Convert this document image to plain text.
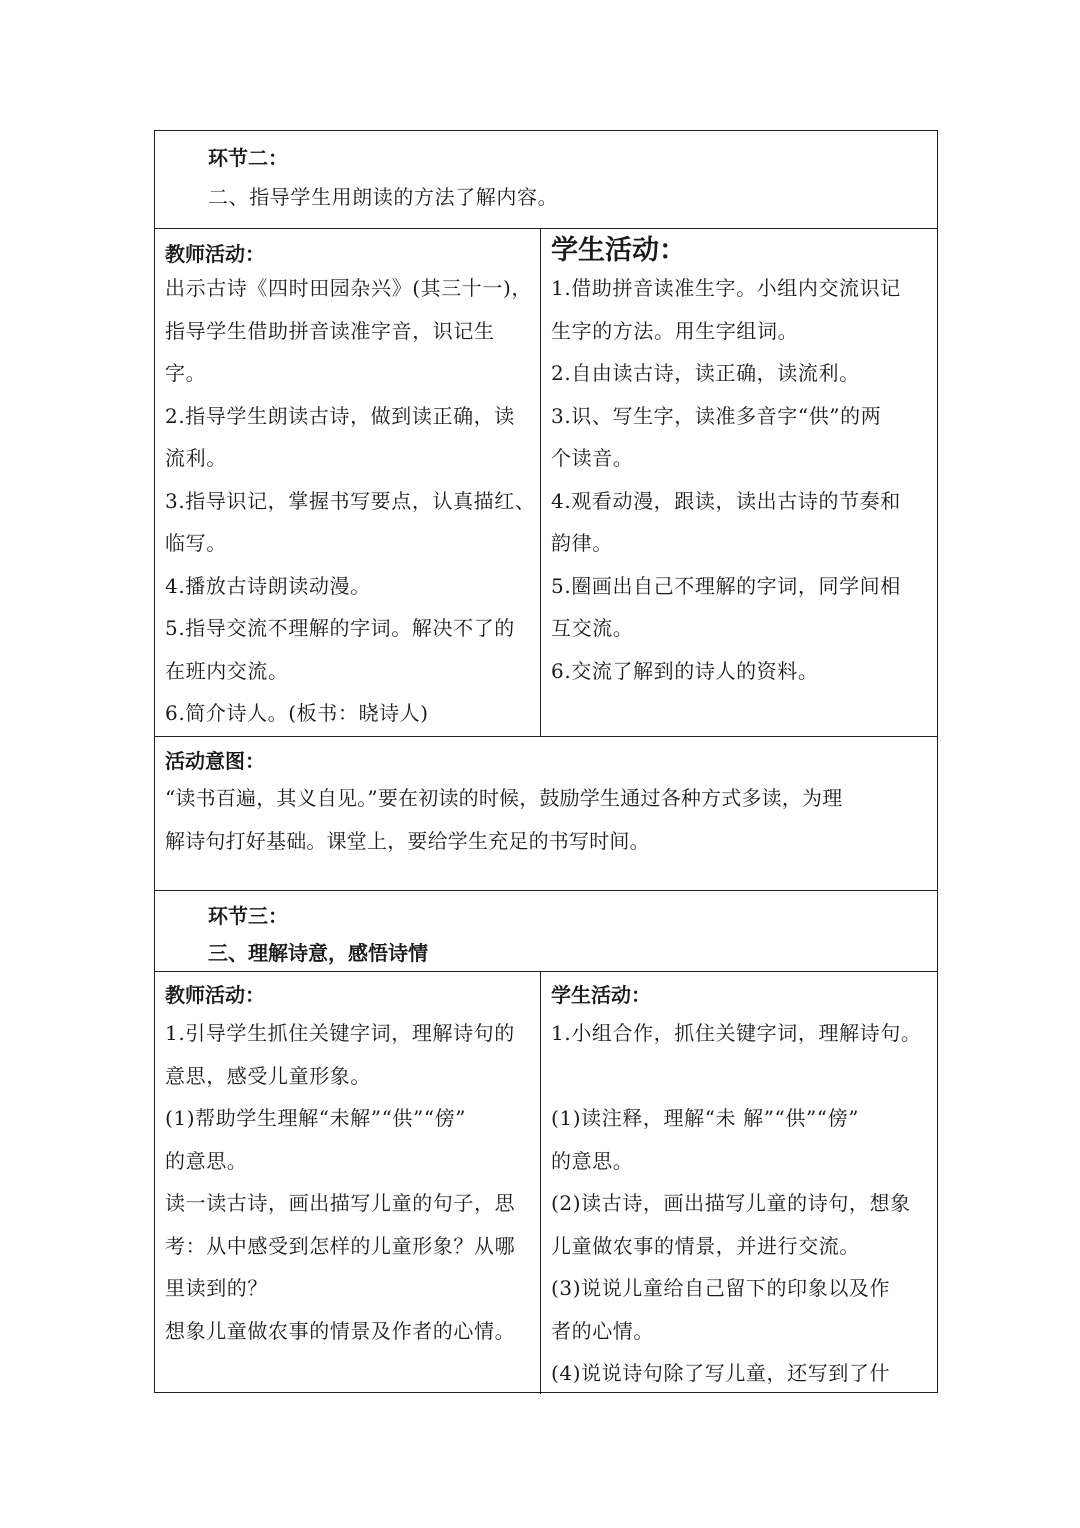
环节二：
二、指导学生用朗读的方法了解内容。
教师活动：

出示古诗《四时田园杂兴》(其三十一)，

指导学生借助拼音读准字音，识记生

字。

2.指导学生朗读古诗，做到读正确，读

流利。

3.指导识记，掌握书写要点，认真描红、

临写。

4.播放古诗朗读动漫。

5.指导交流不理解的字词。解决不了的

在班内交流。

6.简介诗人。(板书：晓诗人)

学生活动：

1.借助拼音读准生字。小组内交流识记

生字的方法。用生字组词。

2.自由读古诗，读正确，读流利。

3.识、写生字，读准多音字“供”的两

个读音。

4.观看动漫，跟读，读出古诗的节奏和

韵律。

5.圈画出自己不理解的字词，同学间相

互交流。

6.交流了解到的诗人的资料。

活动意图：

“读书百遍，其义自见。”要在初读的时候，鼓励学生通过各种方式多读，为理

解诗句打好基础。课堂上，要给学生充足的书写时间。

环节三：
三、理解诗意，感悟诗情
教师活动：

1.引导学生抓住关键字词，理解诗句的

意思，感受儿童形象。

(1)帮助学生理解“未解”“供”“傍”

的意思。

读一读古诗，画出描写儿童的句子，思

考：从中感受到怎样的儿童形象？从哪

里读到的？

想象儿童做农事的情景及作者的心情。

学生活动：

1.小组合作，抓住关键字词，理解诗句。

(1)读注释，理解“未 解”“供”“傍”

的意思。

(2)读古诗，画出描写儿童的诗句，想象

儿童做农事的情景，并进行交流。

(3)说说儿童给自己留下的印象以及作

者的心情。

(4)说说诗句除了写儿童，还写到了什
